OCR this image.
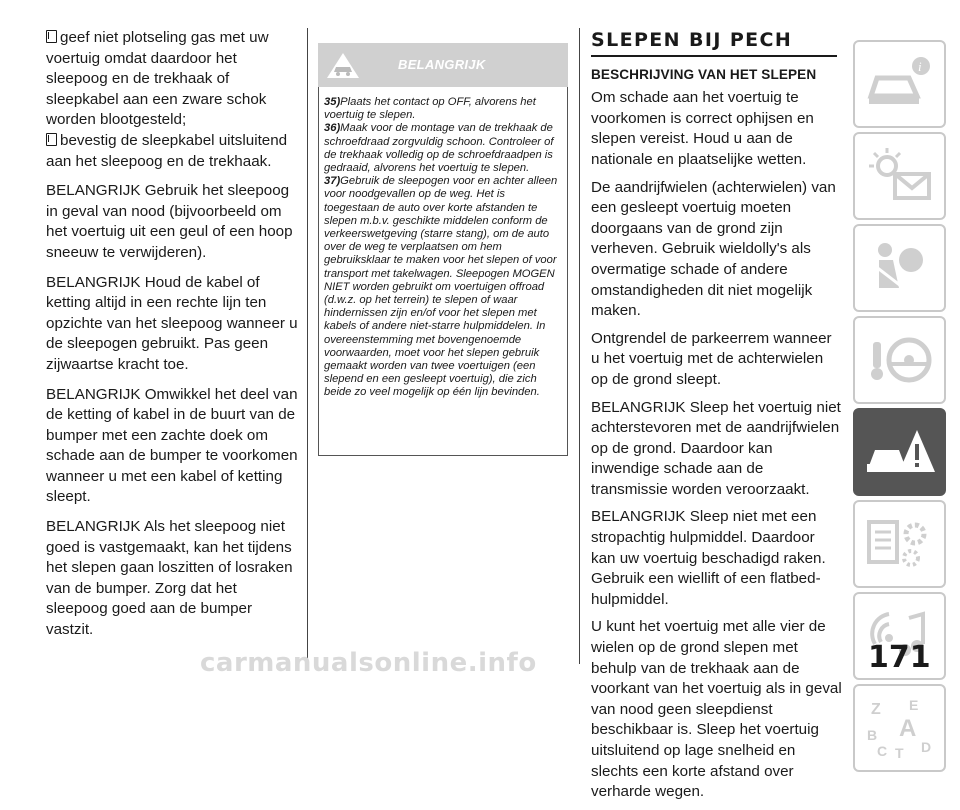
geef niet plotseling gas met uw voertuig omdat daardoor het sleepoog en de trekhaak of sleepkabel aan een zware schok worden blootgesteld;

bevestig de sleepkabel uitsluitend aan het sleepoog en de trekhaak.

BELANGRIJK Gebruik het sleepoog in geval van nood (bijvoorbeeld om het voertuig uit een geul of een hoop sneeuw te verwijderen).

BELANGRIJK Houd de kabel of ketting altijd in een rechte lijn ten opzichte van het sleepoog wanneer u de sleepogen gebruikt. Pas geen zijwaartse kracht toe.

BELANGRIJK Omwikkel het deel van de ketting of kabel in de buurt van de bumper met een zachte doek om schade aan de bumper te voorkomen wanneer u met een kabel of ketting sleept.

BELANGRIJK Als het sleepoog niet goed is vastgemaakt, kan het tijdens het slepen gaan loszitten of losraken van de bumper. Zorg dat het sleepoog goed aan de bumper vastzit.

BELANGRIJK

35)Plaats het contact op OFF, alvorens het voertuig te slepen.

36)Maak voor de montage van de trekhaak de schroefdraad zorgvuldig schoon. Controleer of de trekhaak volledig op de schroefdraadpen is gedraaid, alvorens het voertuig te slepen.

37)Gebruik de sleepogen voor en achter alleen voor noodgevallen op de weg. Het is toegestaan de auto over korte afstanden te slepen m.b.v. geschikte middelen conform de verkeerswetgeving (starre stang), om de auto over de weg te verplaatsen om hem gebruiksklaar te maken voor het slepen of voor transport met takelwagen. Sleepogen MOGEN NIET worden gebruikt om voertuigen offroad (d.w.z. op het terrein) te slepen of waar hindernissen zijn en/of voor het slepen met kabels of andere niet-starre hulpmiddelen. In overeenstemming met bovengenoemde voorwaarden, moet voor het slepen gebruik gemaakt worden van twee voertuigen (een slepend en een gesleept voertuig), die zich beide zo veel mogelijk op één lijn bevinden.

SLEPEN BIJ PECH
BESCHRIJVING VAN HET SLEPEN

Om schade aan het voertuig te voorkomen is correct ophijsen en slepen vereist. Houd u aan de nationale en plaatselijke wetten.

De aandrijfwielen (achterwielen) van een gesleept voertuig moeten doorgaans van de grond zijn verheven. Gebruik wieldolly's als overmatige schade of andere omstandigheden dit niet mogelijk maken.

Ontgrendel de parkeerrem wanneer u het voertuig met de achterwielen op de grond sleept.

BELANGRIJK Sleep het voertuig niet achterstevoren met de aandrijfwielen op de grond. Daardoor kan inwendige schade aan de transmissie worden veroorzaakt.

BELANGRIJK Sleep niet met een stropachtig hulpmiddel. Daardoor kan uw voertuig beschadigd raken. Gebruik een wiellift of een flatbed-hulpmiddel.

U kunt het voertuig met alle vier de wielen op de grond slepen met behulp van de trekhaak aan de voorkant van het voertuig als in geval van nood geen sleepdienst beschikbaar is. Sleep het voertuig uitsluitend op lage snelheid en slechts een korte afstand over verharde wegen.

i
Z E
B A
C T D
171
carmanualsonline.info
